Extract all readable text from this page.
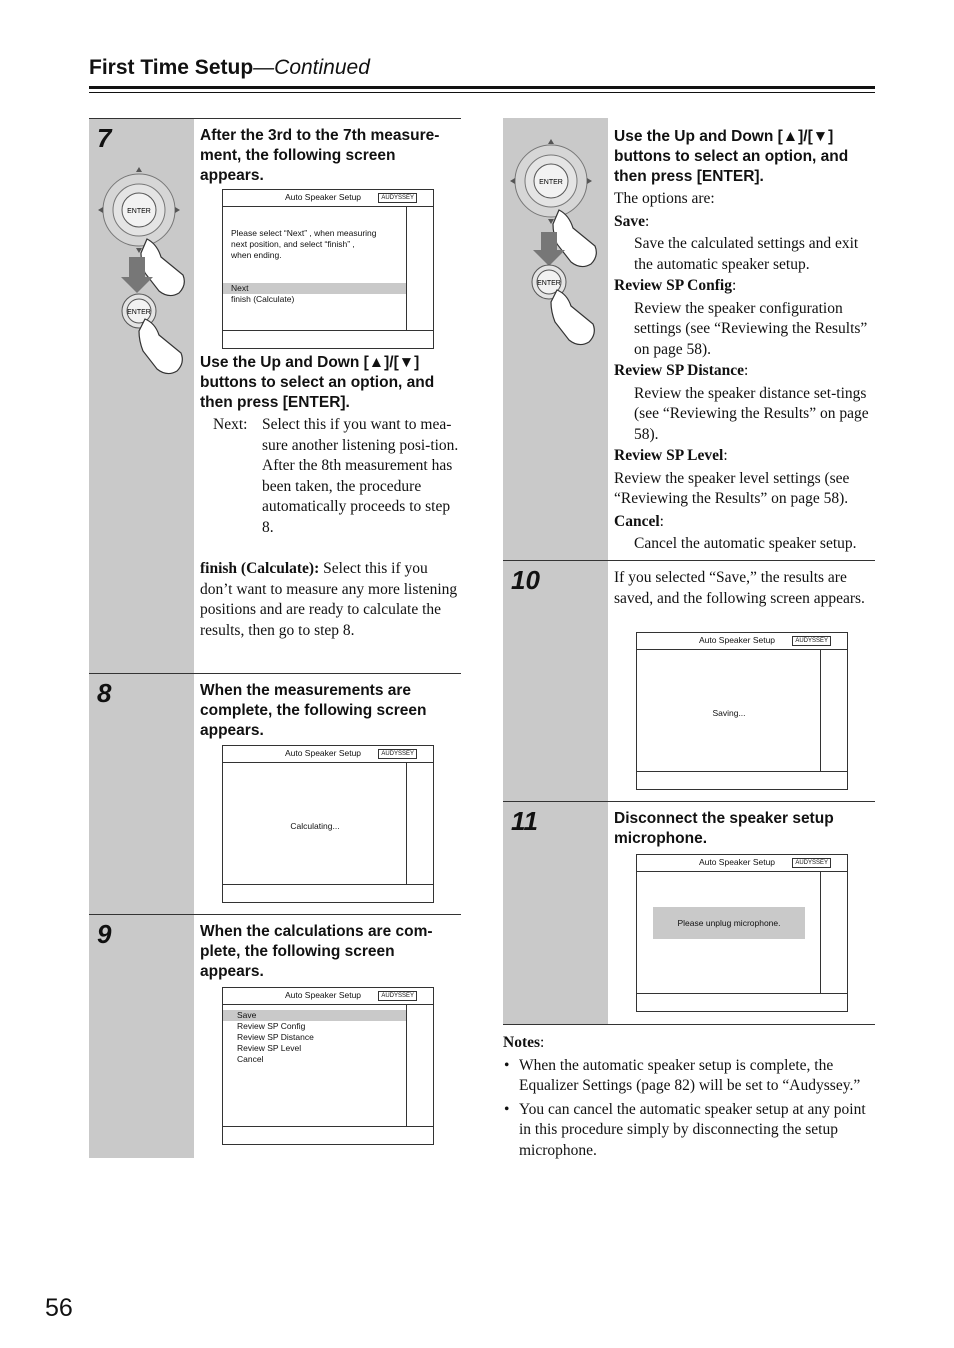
First Time Setup—Continued
7
ENTER
ENTER
After the 3rd to the 7th measure-ment, the following screen appears.
Auto Speaker Setup	AUDYSSEY
Please select “Next” , when measuring
next position, and select “finish” ,
when ending.
Next
finish (Calculate)
Use the Up and Down [▲]/[▼] buttons to select an option, and then press [ENTER].
Next: Select this if you want to mea-sure another listening posi-tion.
After the 8th measurement has been taken, the procedure automatically proceeds to step 8.
finish (Calculate): Select this if you don’t want to measure any more listening positions and are ready to calculate the results, then go to step 8.
8	When the measurements are complete, the following screen appears.
Auto Speaker Setup	AUDYSSEY
Calculating...
9	When the calculations are com-plete, the following screen appears.
Auto Speaker Setup	AUDYSSEY
Save
Review SP Config
Review SP Distance
Review SP Level
Cancel
ENTER
ENTER
Use the Up and Down [▲]/[▼] buttons to select an option, and then press [ENTER].
The options are:
Save:
Save the calculated settings and exit the automatic speaker setup.
Review SP Config:
Review the speaker configuration settings (see “Reviewing the Results” on page 58).
Review SP Distance:
Review the speaker distance set-tings (see “Reviewing the Results” on page 58).
Review SP Level:
Review the speaker level settings (see “Reviewing the Results” on page 58).
Cancel:
Cancel the automatic speaker setup.
10	If you selected “Save,” the results are saved, and the following screen appears.
Auto Speaker Setup	AUDYSSEY
Saving...
11	Disconnect the speaker setup microphone.
Auto Speaker Setup	AUDYSSEY
Please unplug microphone.
Notes:
• When the automatic speaker setup is complete, the Equalizer Settings (page 82) will be set to “Audyssey.”
• You can cancel the automatic speaker setup at any point in this procedure simply by disconnecting the setup microphone.
56
